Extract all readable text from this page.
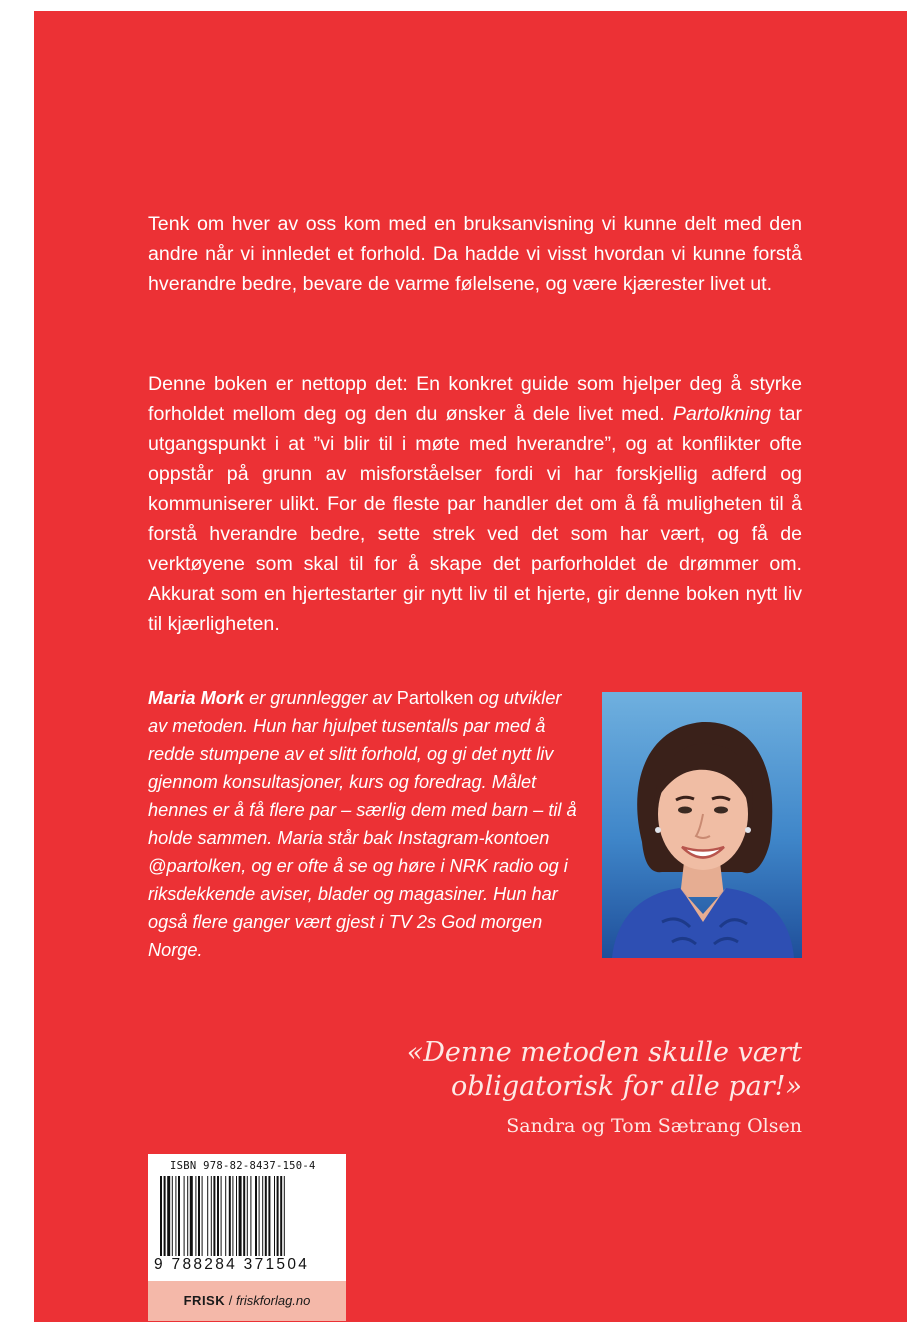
Tenk om hver av oss kom med en bruksanvisning vi kunne delt med den andre når vi innledet et forhold. Da hadde vi visst hvordan vi kunne forstå hverandre bedre, bevare de varme følelsene, og være kjærester livet ut.

Denne boken er nettopp det: En konkret guide som hjelper deg å styrke forholdet mellom deg og den du ønsker å dele livet med. Partolkning tar utgangspunkt i at ”vi blir til i møte med hverandre”, og at konflikter ofte oppstår på grunn av misforståelser fordi vi har forskjellig adferd og kommuniserer ulikt. For de fleste par handler det om å få muligheten til å forstå hverandre bedre, sette strek ved det som har vært, og få de verktøyene som skal til for å skape det parforholdet de drømmer om. Akkurat som en hjertestarter gir nytt liv til et hjerte, gir denne boken nytt liv til kjærligheten.

Maria Mork er grunnlegger av Partolken og utvikler av metoden. Hun har hjulpet tusentalls par med å redde stumpene av et slitt forhold, og gi det nytt liv gjennom konsultasjoner, kurs og foredrag. Målet hennes er å få flere par – særlig dem med barn – til å holde sammen. Maria står bak Instagram-kontoen @partolken, og er ofte å se og høre i NRK radio og i riksdekkende aviser, blader og magasiner. Hun har også flere ganger vært gjest i TV 2s God morgen Norge.

«Denne metoden skulle vært
obligatorisk for alle par!»

Sandra og Tom Sætrang Olsen

ISBN 978-82-8437-150-4
9 788284 371504
FRISK / friskforlag.no
